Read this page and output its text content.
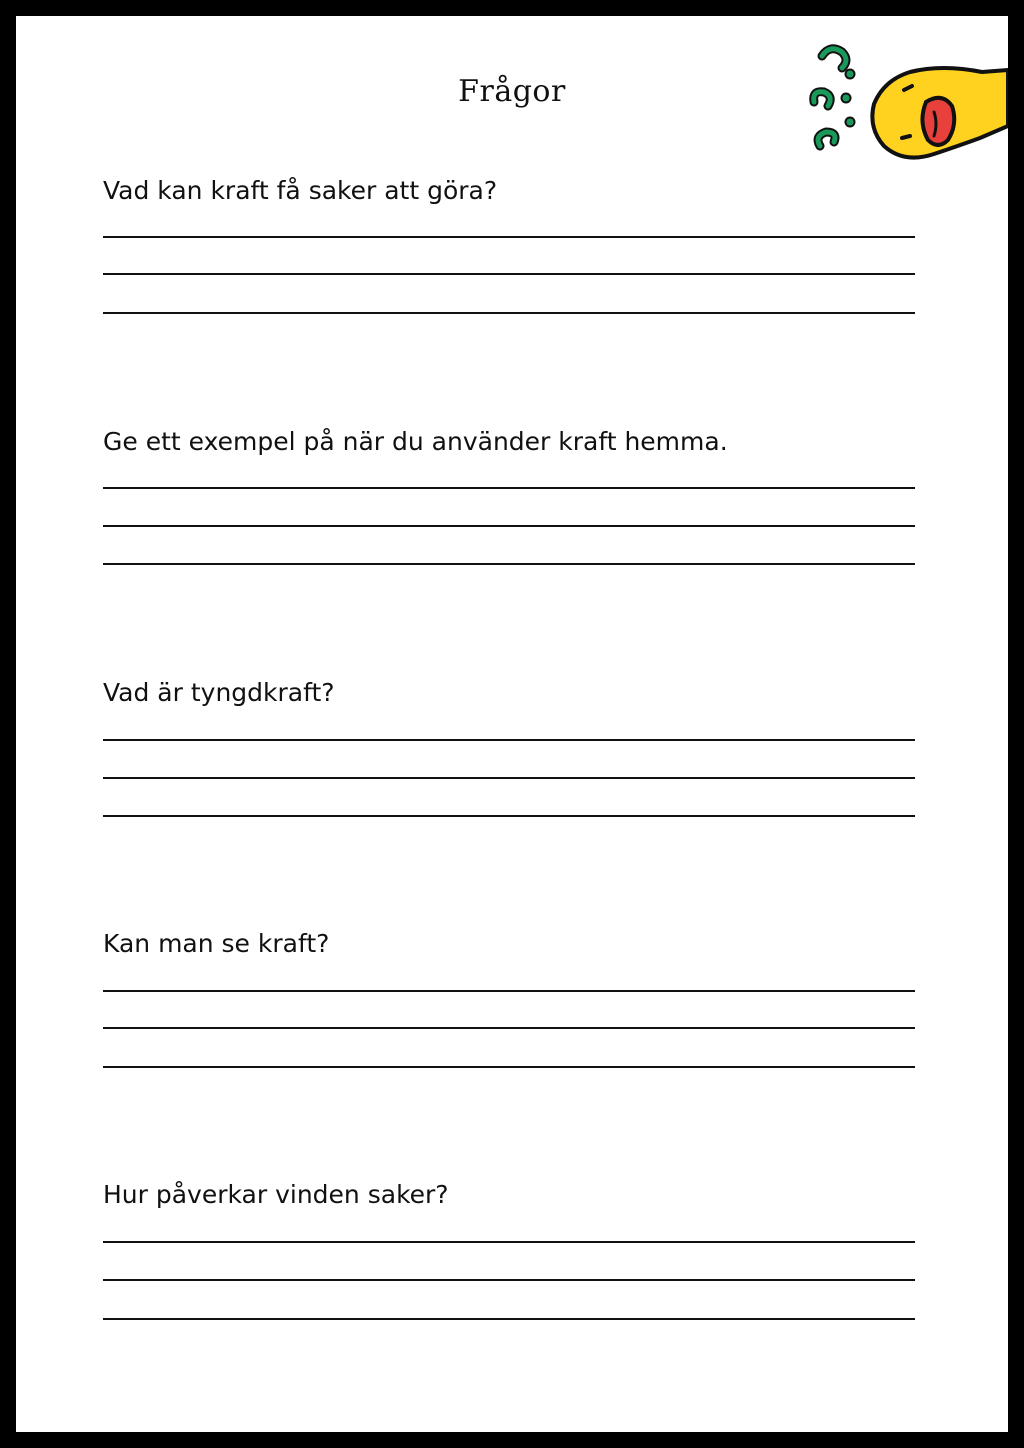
Frågor
Vad kan kraft få saker att göra?
Ge ett exempel på när du använder kraft hemma.
Vad är tyngdkraft?
Kan man se kraft?
Hur påverkar vinden saker?
